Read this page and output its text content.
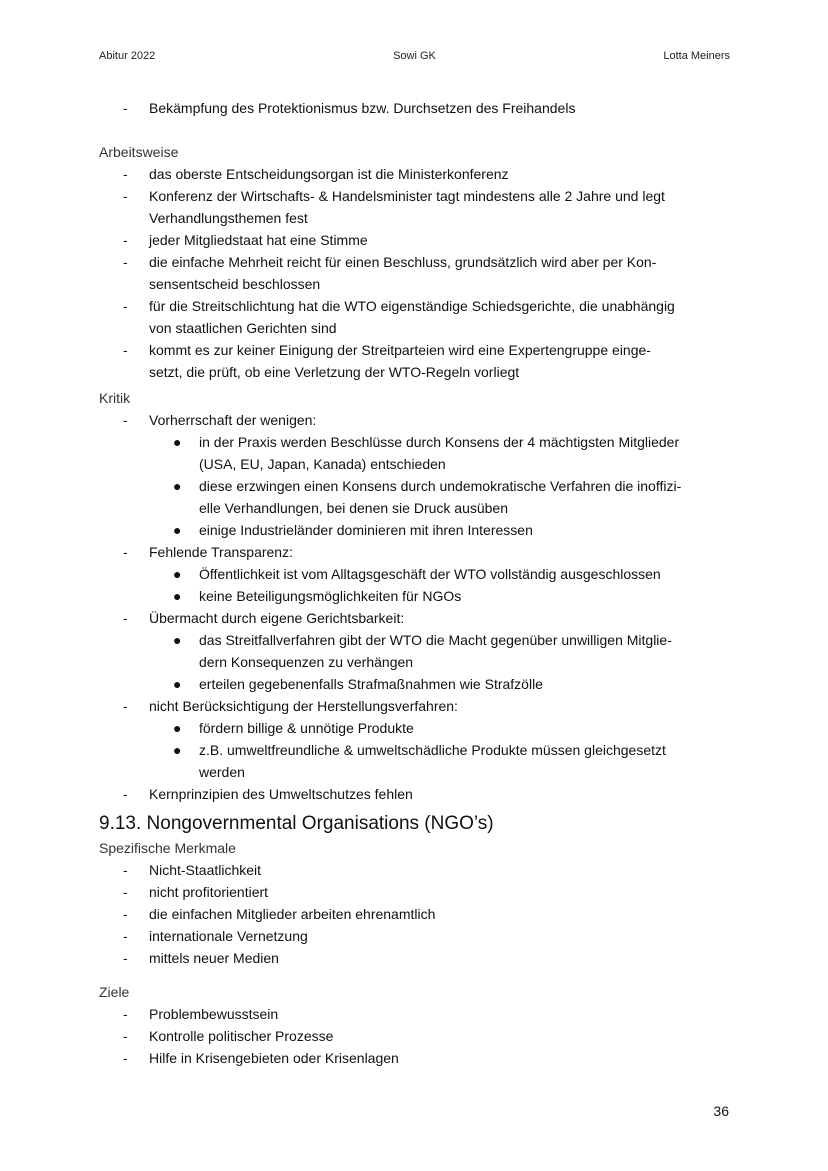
Abitur 2022	Sowi GK	Lotta Meiners
- Bekämpfung des Protektionismus bzw. Durchsetzen des Freihandels
Arbeitsweise
- das oberste Entscheidungsorgan ist die Ministerkonferenz
- Konferenz der Wirtschafts- & Handelsminister tagt mindestens alle 2 Jahre und legt
Verhandlungsthemen fest
- jeder Mitgliedstaat hat eine Stimme
- die einfache Mehrheit reicht für einen Beschluss, grundsätzlich wird aber per Kon-
sensentscheid beschlossen
- für die Streitschlichtung hat die WTO eigenständige Schiedsgerichte, die unabhängig
von staatlichen Gerichten sind
- kommt es zur keiner Einigung der Streitparteien wird eine Expertengruppe einge-
setzt, die prüft, ob eine Verletzung der WTO-Regeln vorliegt
Kritik
- Vorherrschaft der wenigen:
● in der Praxis werden Beschlüsse durch Konsens der 4 mächtigsten Mitglieder
(USA, EU, Japan, Kanada) entschieden
● diese erzwingen einen Konsens durch undemokratische Verfahren die inoffizi-
elle Verhandlungen, bei denen sie Druck ausüben
● einige Industrieländer dominieren mit ihren Interessen
- Fehlende Transparenz:
● Öffentlichkeit ist vom Alltagsgeschäft der WTO vollständig ausgeschlossen
● keine Beteiligungsmöglichkeiten für NGOs
- Übermacht durch eigene Gerichtsbarkeit:
● das Streitfallverfahren gibt der WTO die Macht gegenüber unwilligen Mitglie-
dern Konsequenzen zu verhängen
● erteilen gegebenenfalls Strafmaßnahmen wie Strafzölle
- nicht Berücksichtigung der Herstellungsverfahren:
● fördern billige & unnötige Produkte
● z.B. umweltfreundliche & umweltschädliche Produkte müssen gleichgesetzt
werden
- Kernprinzipien des Umweltschutzes fehlen
9.13. Nongovernmental Organisations (NGO’s)
Spezifische Merkmale
- Nicht-Staatlichkeit
- nicht profitorientiert
- die einfachen Mitglieder arbeiten ehrenamtlich
- internationale Vernetzung
- mittels neuer Medien
Ziele
- Problembewusstsein
- Kontrolle politischer Prozesse
- Hilfe in Krisengebieten oder Krisenlagen
36
